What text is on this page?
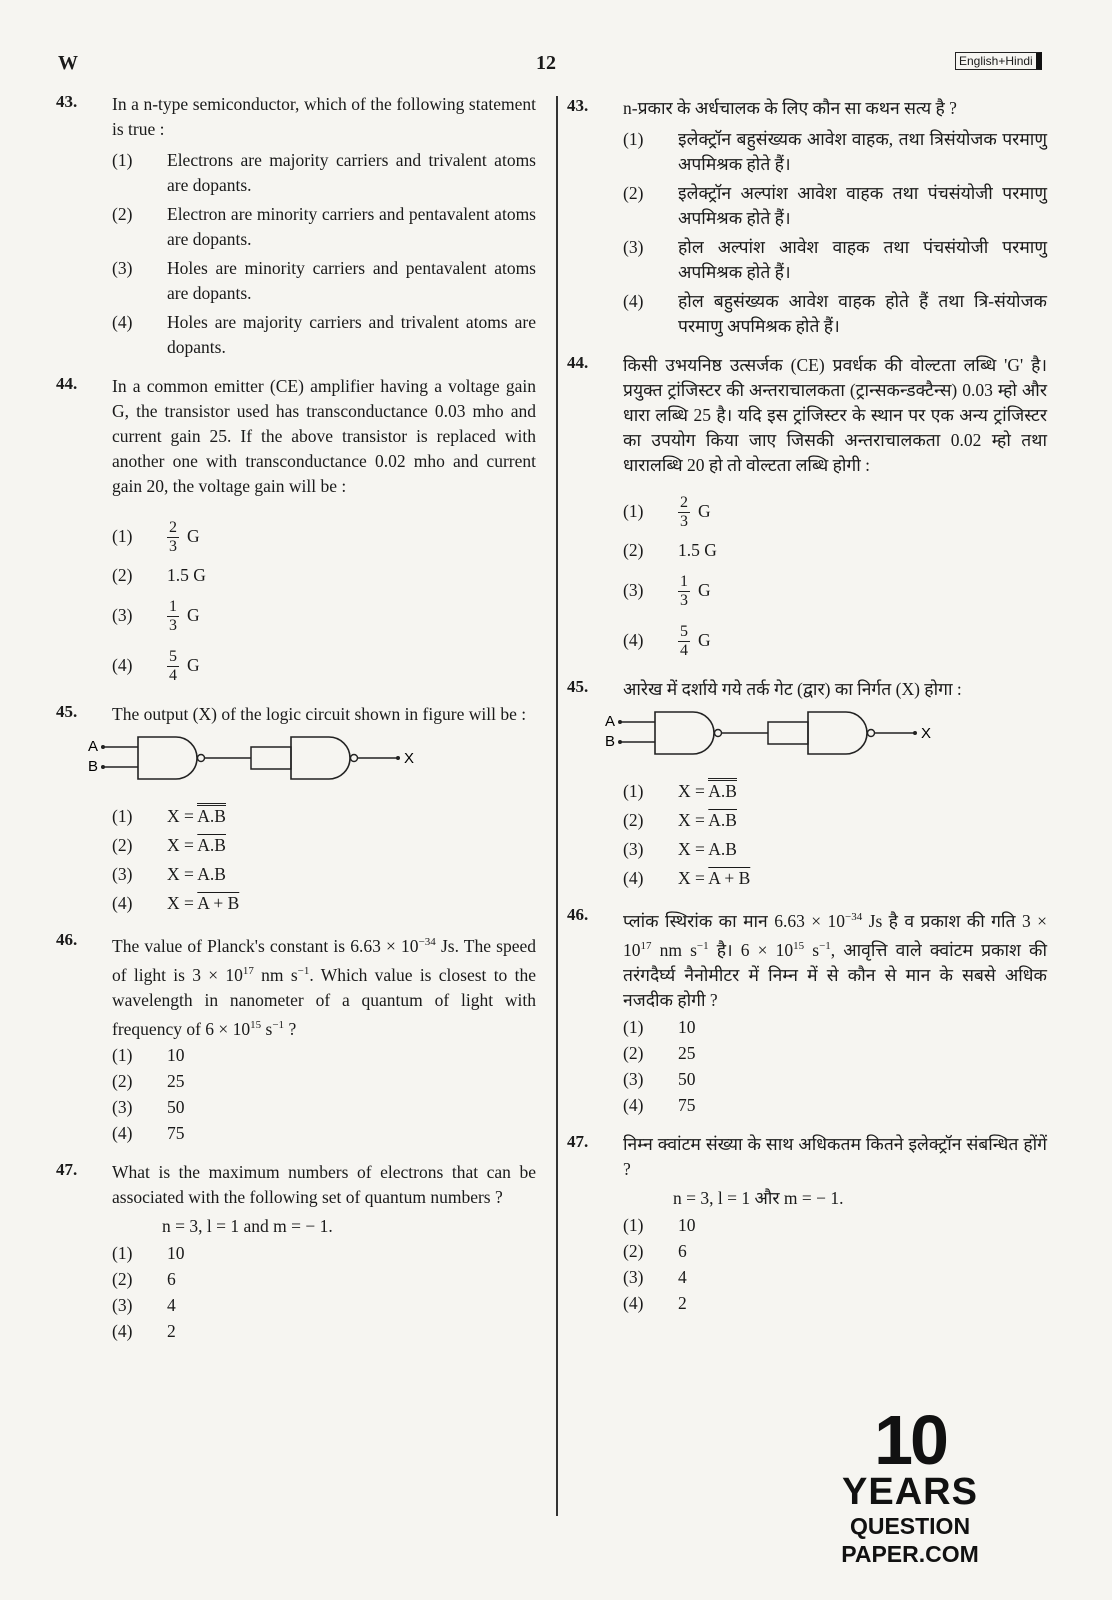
W	12	English+Hindi
43. In a n-type semiconductor, which of the following statement is true :
(1)	Electrons are majority carriers and trivalent atoms are dopants.
(2)	Electron are minority carriers and pentavalent atoms are dopants.
(3)	Holes are minority carriers and pentavalent atoms are dopants.
(4)	Holes are majority carriers and trivalent atoms are dopants.
44. In a common emitter (CE) amplifier having a voltage gain G, the transistor used has transconductance 0.03 mho and current gain 25. If the above transistor is replaced with another one with transconductance 0.02 mho and current gain 20, the voltage gain will be :
(1)	$\frac{2}{3}$ G
(2)	1.5 G
(3)	$\frac{1}{3}$ G
(4)	$\frac{5}{4}$ G
45. The output (X) of the logic circuit shown in figure will be :
A
B	X
(1)	X = A.B
(2)	X = A.B
(3)	X = A.B
(4)	X = A + B
46. The value of Planck's constant is $6.63 \times 10^{-34}$ Js. The speed of light is $3 \times 10^{17}$ nm $s^{-1}$. Which value is closest to the wavelength in nanometer of a quantum of light with frequency of $6 \times 10^{15}$ $s^{-1}$ ?
(1)	10
(2)	25
(3)	50
(4)	75
47. What is the maximum numbers of electrons that can be associated with the following set of quantum numbers ?
n = 3, l = 1 and m = − 1.
(1)	10
(2)	6
(3)	4
(4)	2
43. n-प्रकार के अर्धचालक के लिए कौन सा कथन सत्य है ?
(1)	इलेक्ट्रॉन बहुसंख्यक आवेश वाहक, तथा त्रिसंयोजक परमाणु अपमिश्रक होते हैं।
(2)	इलेक्ट्रॉन अल्पांश आवेश वाहक तथा पंचसंयोजी परमाणु अपमिश्रक होते हैं।
(3)	होल अल्पांश आवेश वाहक तथा पंचसंयोजी परमाणु अपमिश्रक होते हैं।
(4)	होल बहुसंख्यक आवेश वाहक होते हैं तथा त्रि-संयोजक परमाणु अपमिश्रक होते हैं।
44. किसी उभयनिष्ठ उत्सर्जक (CE) प्रवर्धक की वोल्टता लब्धि 'G' है। प्रयुक्त ट्रांजिस्टर की अन्तराचालकता (ट्रान्सकन्डक्टैन्स) 0.03 म्हो और धारा लब्धि 25 है। यदि इस ट्रांजिस्टर के स्थान पर एक अन्य ट्रांजिस्टर का उपयोग किया जाए जिसकी अन्तराचालकता 0.02 म्हो तथा धारालब्धि 20 हो तो वोल्टता लब्धि होगी :
(1)	$\frac{2}{3}$ G
(2)	1.5 G
(3)	$\frac{1}{3}$ G
(4)	$\frac{5}{4}$ G
45. आरेख में दर्शाये गये तर्क गेट (द्वार) का निर्गत (X) होगा :
A
B	X
(1)	X = A.B
(2)	X = A.B
(3)	X = A.B
(4)	X = A + B
46. प्लांक स्थिरांक का मान $6.63 \times 10^{-34}$ Js है व प्रकाश की गति $3 \times 10^{17}$ nm $s^{-1}$ है। $6 \times 10^{15}$ $s^{-1}$, आवृत्ति वाले क्वांटम प्रकाश की तरंगदैर्घ्य नैनोमीटर में निम्न में से कौन से मान के सबसे अधिक नजदीक होगी ?
(1)	10
(2)	25
(3)	50
(4)	75
47. निम्न क्वांटम संख्या के साथ अधिकतम कितने इलेक्ट्रॉन संबन्धित होंगें ?
n = 3, l = 1 और m = − 1.
(1)	10
(2)	6
(3)	4
(4)	2
10
YEARS
QUESTION PAPER.COM
